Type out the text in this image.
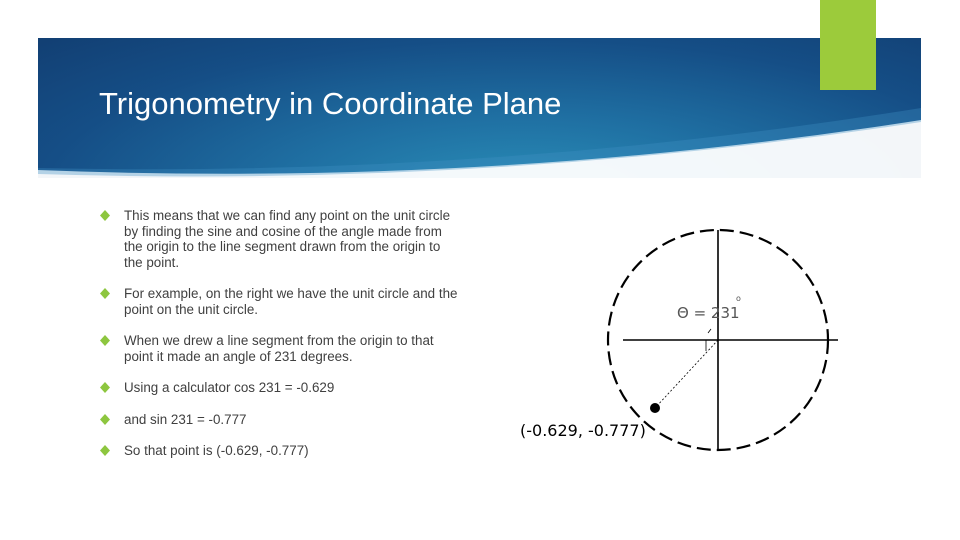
Trigonometry in Coordinate Plane
This means that we can find any point on the unit circle by finding the sine and cosine of the angle made from the origin to the line segment drawn from the origin to the point.
For example, on the right we have the unit circle and the point on the unit circle.
When we drew a line segment from the origin to that point it made an angle of 231 degrees.
Using a calculator cos 231 = -0.629
and sin 231 = -0.777
So that point is (-0.629, -0.777)
Θ = 231
o
(-0.629, -0.777)
